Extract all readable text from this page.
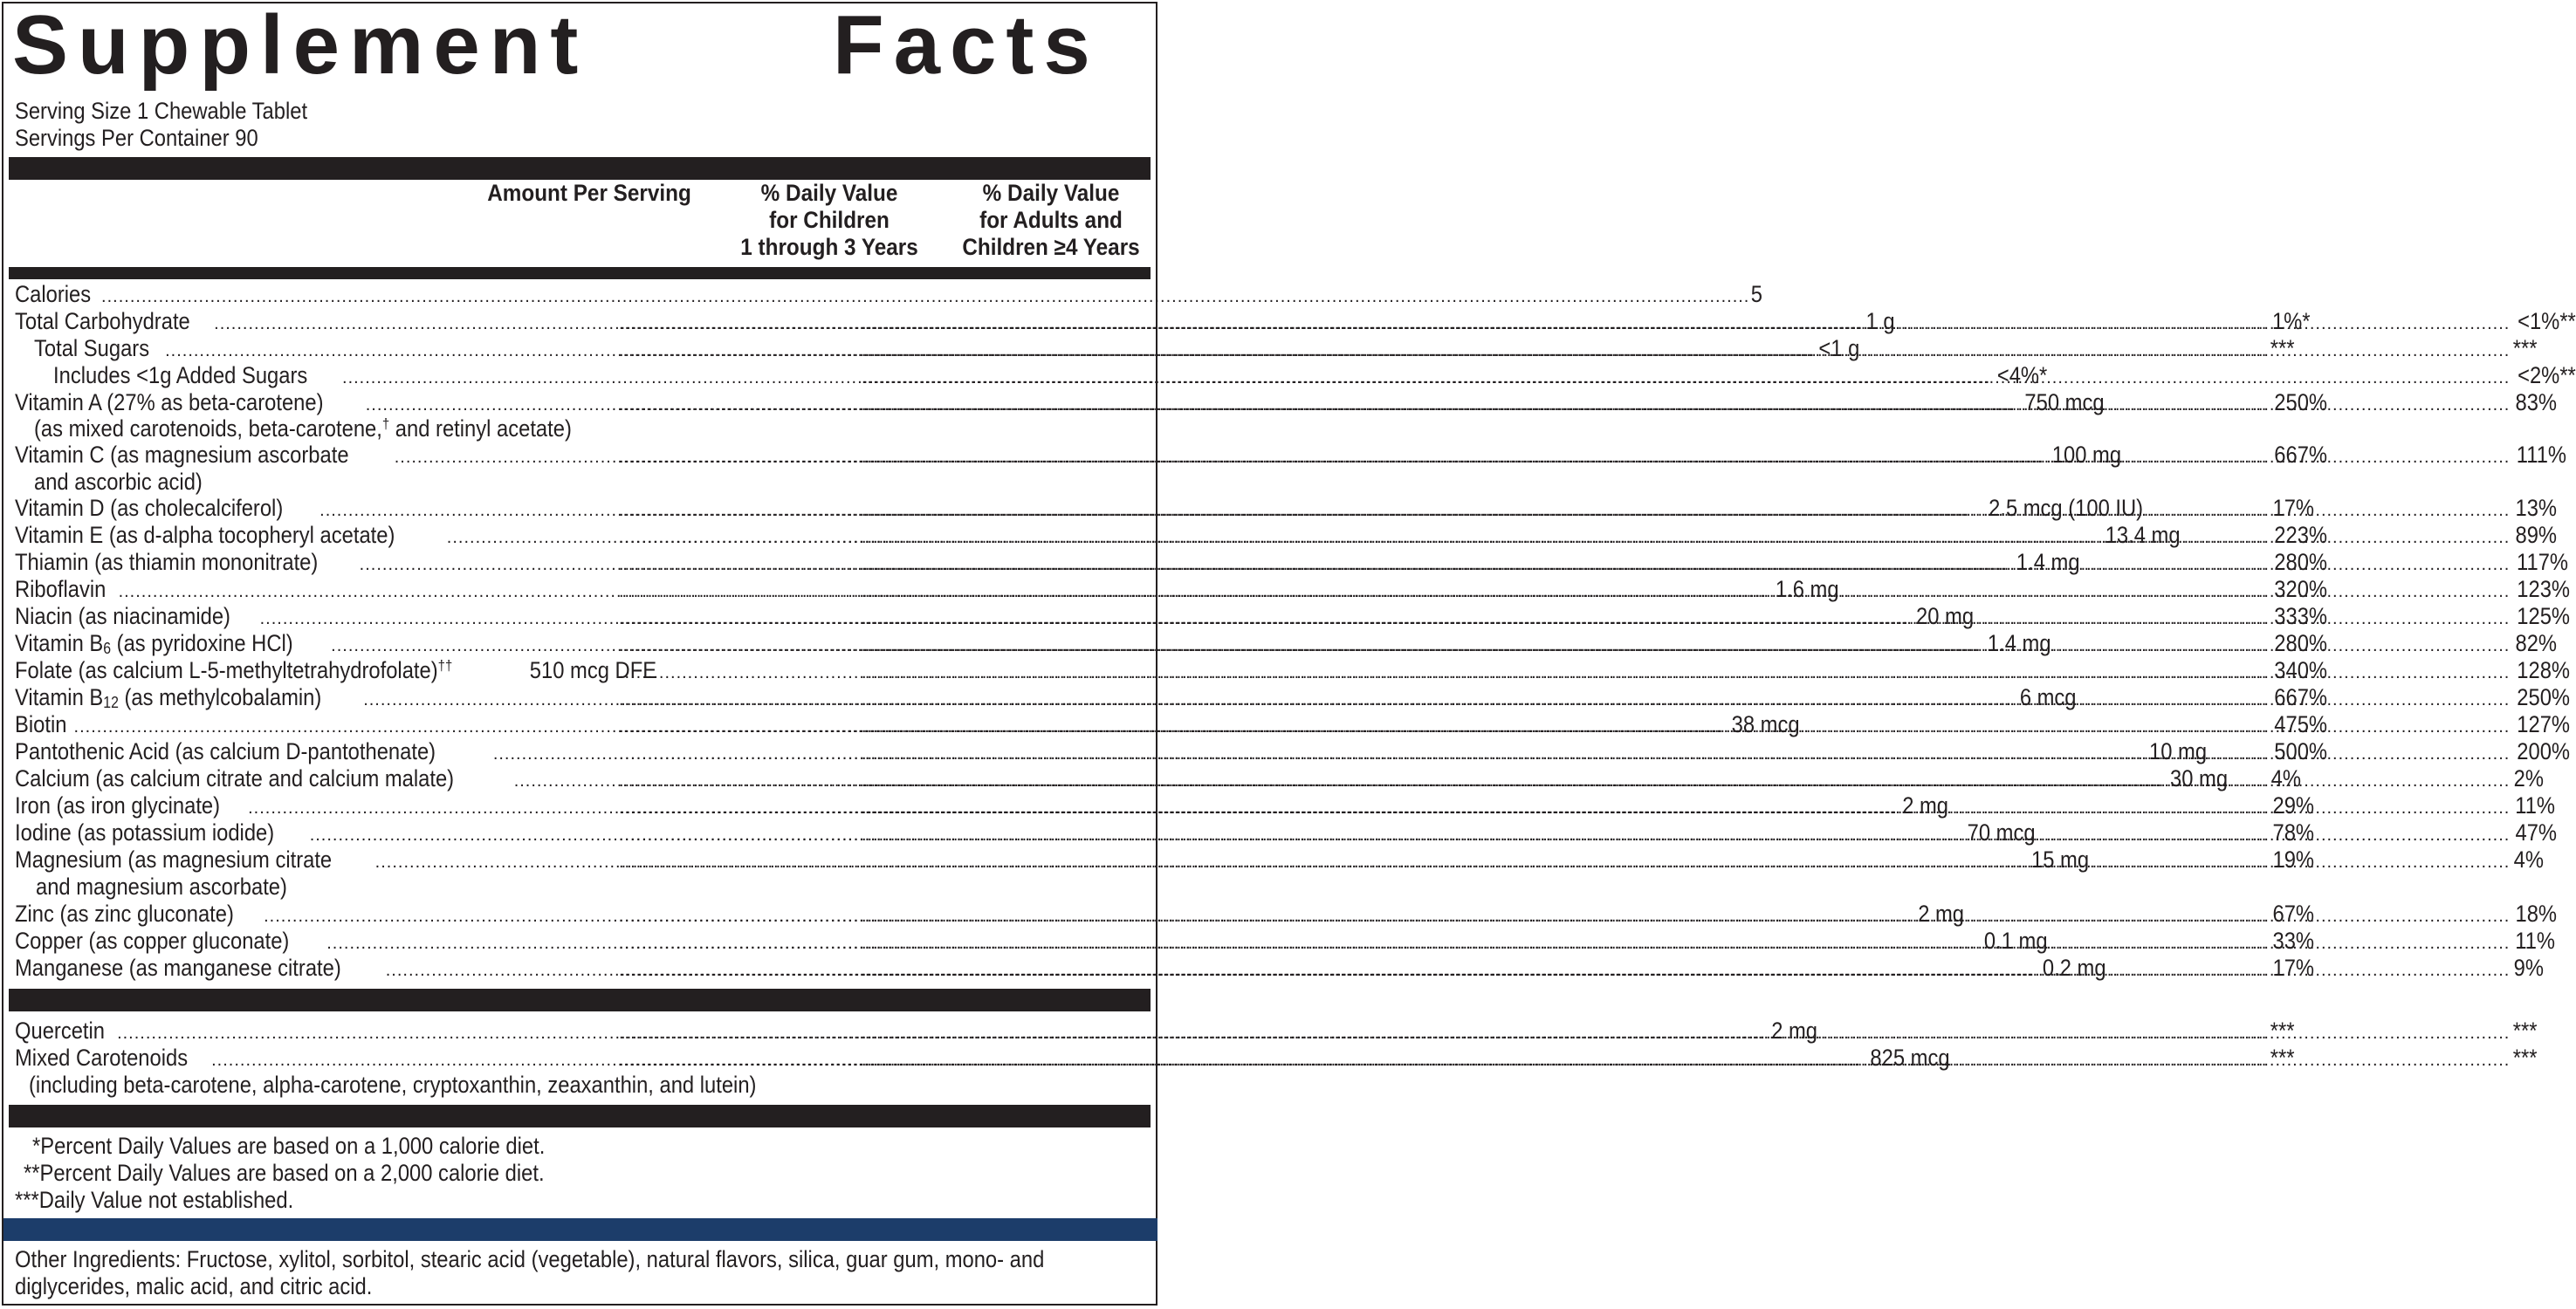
Supplement	Facts
Serving Size 1 Chewable Tablet
Servings Per Container 90
Amount Per Serving	% Daily Value
for Children
1 through 3 Years
% Daily Value
for Adults and
Children ≥4 Years
Calories .....	5
Total Carbohydrate .....	1 g .....	1%* .....	<1%**
Total Sugars .....	<1 g .....	*** .....	***
Includes <1g Added Sugars .....	<4%* .....	<2%**
Vitamin A (27% as beta-carotene) .....	750 mcg .....	250% .....	83%
(as mixed carotenoids, beta-carotene,† and retinyl acetate)
Vitamin C (as magnesium ascorbate .....	100 mg .....	667% .....	111%
and ascorbic acid)
Vitamin D (as cholecalciferol) .....	2.5 mcg (100 IU) .....	17% .....	13%
Vitamin E (as d-alpha tocopheryl acetate) .....	13.4 mg .....	223% .....	89%
Thiamin (as thiamin mononitrate) .....	1.4 mg .....	280% .....	117%
Riboflavin .....	1.6 mg .....	320% .....	123%
Niacin (as niacinamide) .....	20 mg .....	333% .....	125%
Vitamin $B_6$ (as pyridoxine HCl) .....	1.4 mg .....	280% .....	82%
Folate (as calcium L-5-methyltetrahydrofolate)††	510 mcg DFE .....	340% .....	128%
Vitamin $B_{12}$ (as methylcobalamin) .....	6 mcg .....	667% .....	250%
Biotin .....	38 mcg .....	475% .....	127%
Pantothenic Acid (as calcium D-pantothenate) .....	10 mg .....	500% .....	200%
Calcium (as calcium citrate and calcium malate) .....	30 mg ..... 4% .....	2%
Iron (as iron glycinate) .....	2 mg .....	29% .....	11%
Iodine (as potassium iodide) .....	70 mcg .....	78% .....	47%
Magnesium (as magnesium citrate .....	15 mg .....	19% .....	4%
and magnesium ascorbate)
Zinc (as zinc gluconate) .....	2 mg .....	67% .....	18%
Copper (as copper gluconate) .....	0.1 mg .....	33% .....	11%
Manganese (as manganese citrate) .....	0.2 mg .....	17% .....	9%
Quercetin .....	2 mg .....	*** .....	***
Mixed Carotenoids .....	825 mcg .....	*** .....	***
(including beta-carotene, alpha-carotene, cryptoxanthin, zeaxanthin, and lutein)
*Percent Daily Values are based on a 1,000 calorie diet.
**Percent Daily Values are based on a 2,000 calorie diet.
***Daily Value not established.
Other Ingredients: Fructose, xylitol, sorbitol, stearic acid (vegetable), natural flavors, silica, guar gum, mono- and diglycerides, malic acid, and citric acid.
